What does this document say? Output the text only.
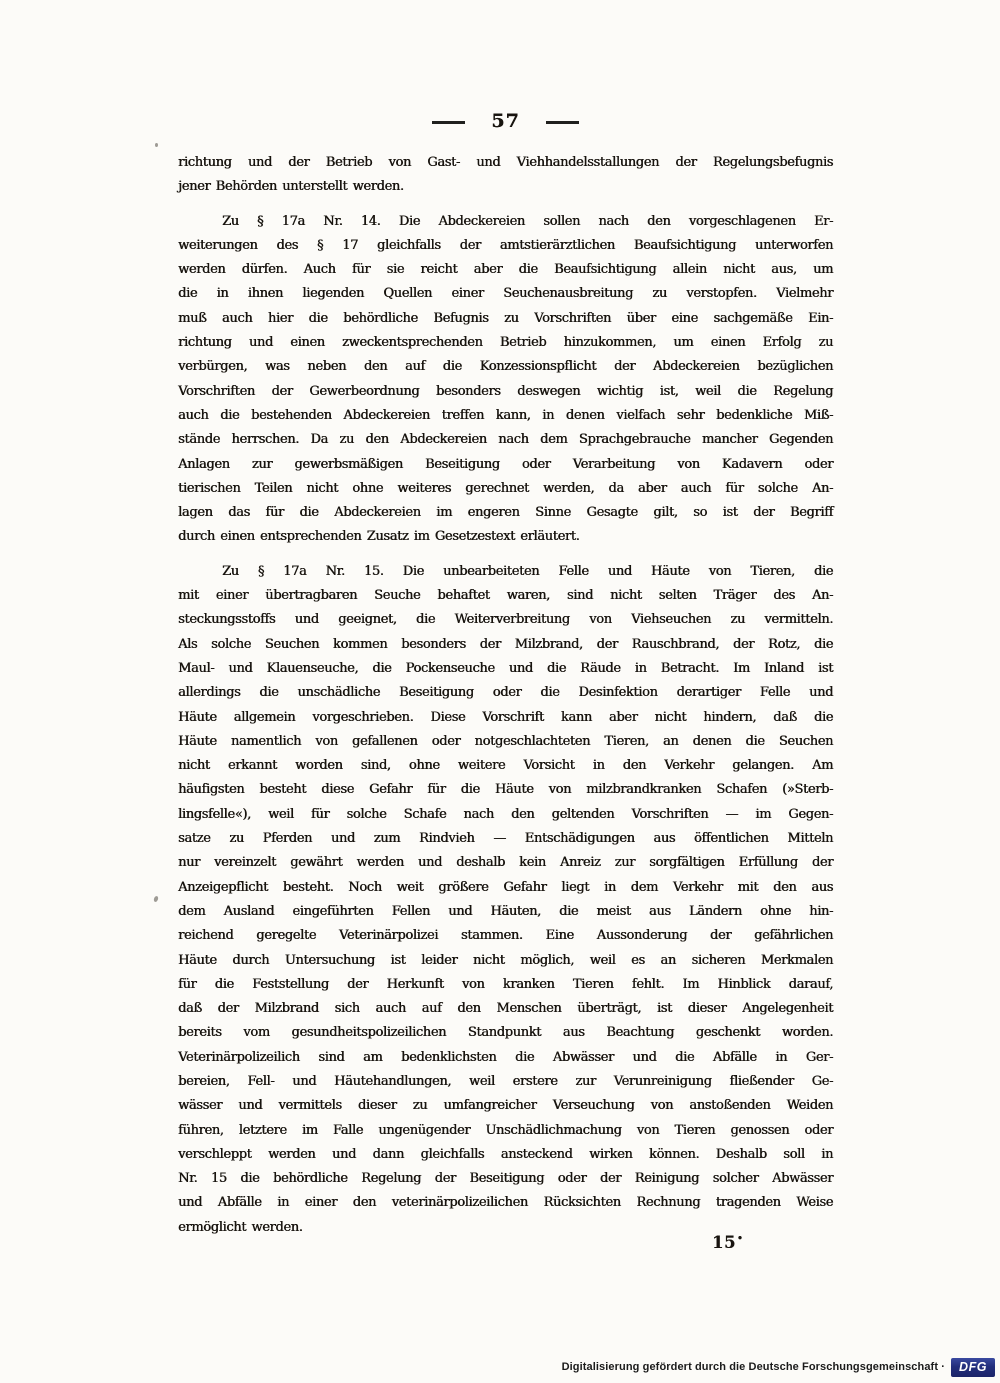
57
richtung und der Betrieb von Gast- und Viehhandelsstallungen der Regelungsbefugnis
jener Behörden unterstellt werden.
Zu § 17a Nr. 14. Die Abdeckereien sollen nach den vorgeschlagenen Er-
weiterungen des § 17 gleichfalls der amtstierärztlichen Beaufsichtigung unterworfen
werden dürfen. Auch für sie reicht aber die Beaufsichtigung allein nicht aus, um
die in ihnen liegenden Quellen einer Seuchenausbreitung zu verstopfen. Vielmehr
muß auch hier die behördliche Befugnis zu Vorschriften über eine sachgemäße Ein-
richtung und einen zweckentsprechenden Betrieb hinzukommen, um einen Erfolg zu
verbürgen, was neben den auf die Konzessionspflicht der Abdeckereien bezüglichen
Vorschriften der Gewerbeordnung besonders deswegen wichtig ist, weil die Regelung
auch die bestehenden Abdeckereien treffen kann, in denen vielfach sehr bedenkliche Miß-
stände herrschen. Da zu den Abdeckereien nach dem Sprachgebrauche mancher Gegenden
Anlagen zur gewerbsmäßigen Beseitigung oder Verarbeitung von Kadavern oder
tierischen Teilen nicht ohne weiteres gerechnet werden, da aber auch für solche An-
lagen das für die Abdeckereien im engeren Sinne Gesagte gilt, so ist der Begriff
durch einen entsprechenden Zusatz im Gesetzestext erläutert.
Zu § 17a Nr. 15. Die unbearbeiteten Felle und Häute von Tieren, die
mit einer übertragbaren Seuche behaftet waren, sind nicht selten Träger des An-
steckungsstoffs und geeignet, die Weiterverbreitung von Viehseuchen zu vermitteln.
Als solche Seuchen kommen besonders der Milzbrand, der Rauschbrand, der Rotz, die
Maul- und Klauenseuche, die Pockenseuche und die Räude in Betracht. Im Inland ist
allerdings die unschädliche Beseitigung oder die Desinfektion derartiger Felle und
Häute allgemein vorgeschrieben. Diese Vorschrift kann aber nicht hindern, daß die
Häute namentlich von gefallenen oder notgeschlachteten Tieren, an denen die Seuchen
nicht erkannt worden sind, ohne weitere Vorsicht in den Verkehr gelangen. Am
häufigsten besteht diese Gefahr für die Häute von milzbrandkranken Schafen (»Sterb-
lingsfelle«), weil für solche Schafe nach den geltenden Vorschriften — im Gegen-
satze zu Pferden und zum Rindvieh — Entschädigungen aus öffentlichen Mitteln
nur vereinzelt gewährt werden und deshalb kein Anreiz zur sorgfältigen Erfüllung der
Anzeigepflicht besteht. Noch weit größere Gefahr liegt in dem Verkehr mit den aus
dem Ausland eingeführten Fellen und Häuten, die meist aus Ländern ohne hin-
reichend geregelte Veterinärpolizei stammen. Eine Aussonderung der gefährlichen
Häute durch Untersuchung ist leider nicht möglich, weil es an sicheren Merkmalen
für die Feststellung der Herkunft von kranken Tieren fehlt. Im Hinblick darauf,
daß der Milzbrand sich auch auf den Menschen überträgt, ist dieser Angelegenheit
bereits vom gesundheitspolizeilichen Standpunkt aus Beachtung geschenkt worden.
Veterinärpolizeilich sind am bedenklichsten die Abwässer und die Abfälle in Ger-
bereien, Fell- und Häutehandlungen, weil erstere zur Verunreinigung fließender Ge-
wässer und vermittels dieser zu umfangreicher Verseuchung von anstoßenden Weiden
führen, letztere im Falle ungenügender Unschädlichmachung von Tieren genossen oder
verschleppt werden und dann gleichfalls ansteckend wirken können. Deshalb soll in
Nr. 15 die behördliche Regelung der Beseitigung oder der Reinigung solcher Abwässer
und Abfälle in einer den veterinärpolizeilichen Rücksichten Rechnung tragenden Weise
ermöglicht werden.
15•
Digitalisierung gefördert durch die Deutsche Forschungsgemeinschaft ·	DFG
